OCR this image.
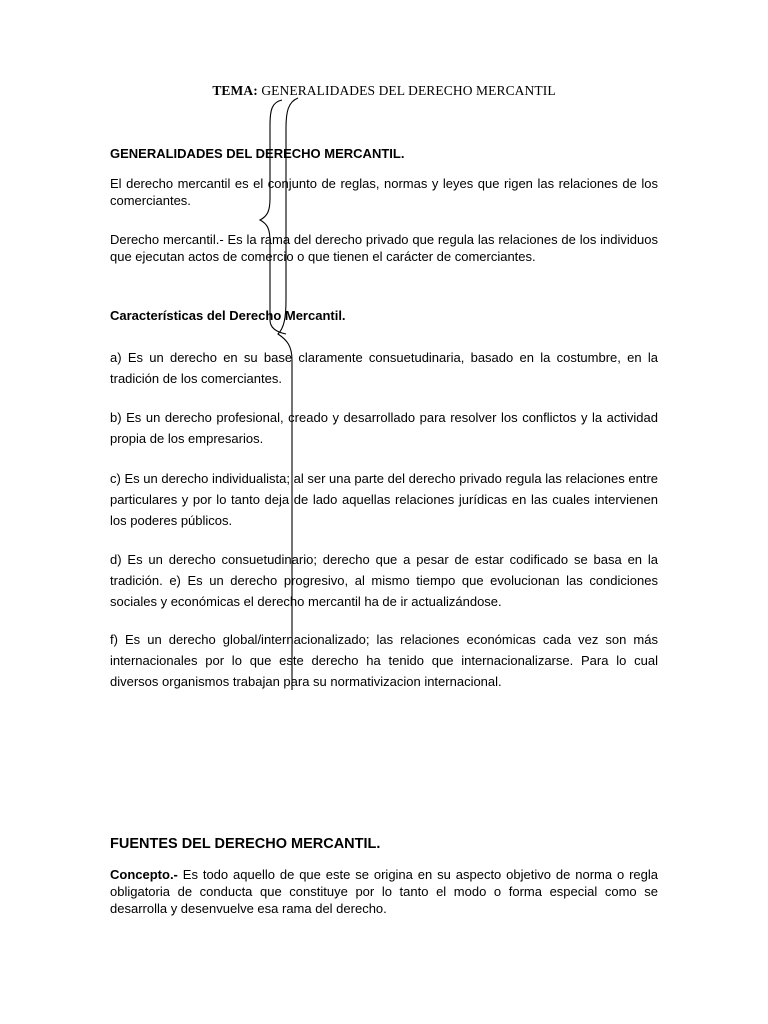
TEMA: GENERALIDADES DEL DERECHO MERCANTIL
GENERALIDADES DEL DERECHO MERCANTIL.
El derecho mercantil es el conjunto de reglas, normas y leyes que rigen las relaciones de los comerciantes.
Derecho mercantil.- Es la rama del derecho privado que regula las relaciones de los individuos que ejecutan actos de comercio o que tienen el carácter de comerciantes.
Características del Derecho Mercantil.
a) Es un derecho en su base claramente consuetudinaria, basado en la costumbre, en la tradición de los comerciantes.
b) Es un derecho profesional, creado y desarrollado para resolver los conflictos y la actividad propia de los empresarios.
c) Es un derecho individualista; al ser una parte del derecho privado regula las relaciones entre particulares y por lo tanto deja de lado aquellas relaciones jurídicas en las cuales intervienen los poderes públicos.
d) Es un derecho consuetudinario; derecho que a pesar de estar codificado se basa en la tradición. e) Es un derecho progresivo, al mismo tiempo que evolucionan las condiciones sociales y económicas el derecho mercantil ha de ir actualizándose.
f) Es un derecho global/internacionalizado; las relaciones económicas cada vez son más internacionales por lo que este derecho ha tenido que internacionalizarse. Para lo cual diversos organismos trabajan para su normativizacion internacional.
FUENTES DEL DERECHO MERCANTIL.
Concepto.- Es todo aquello de que este se origina en su aspecto objetivo de norma o regla obligatoria de conducta que constituye por lo tanto el modo o forma especial como se desarrolla y desenvuelve esa rama del derecho.
